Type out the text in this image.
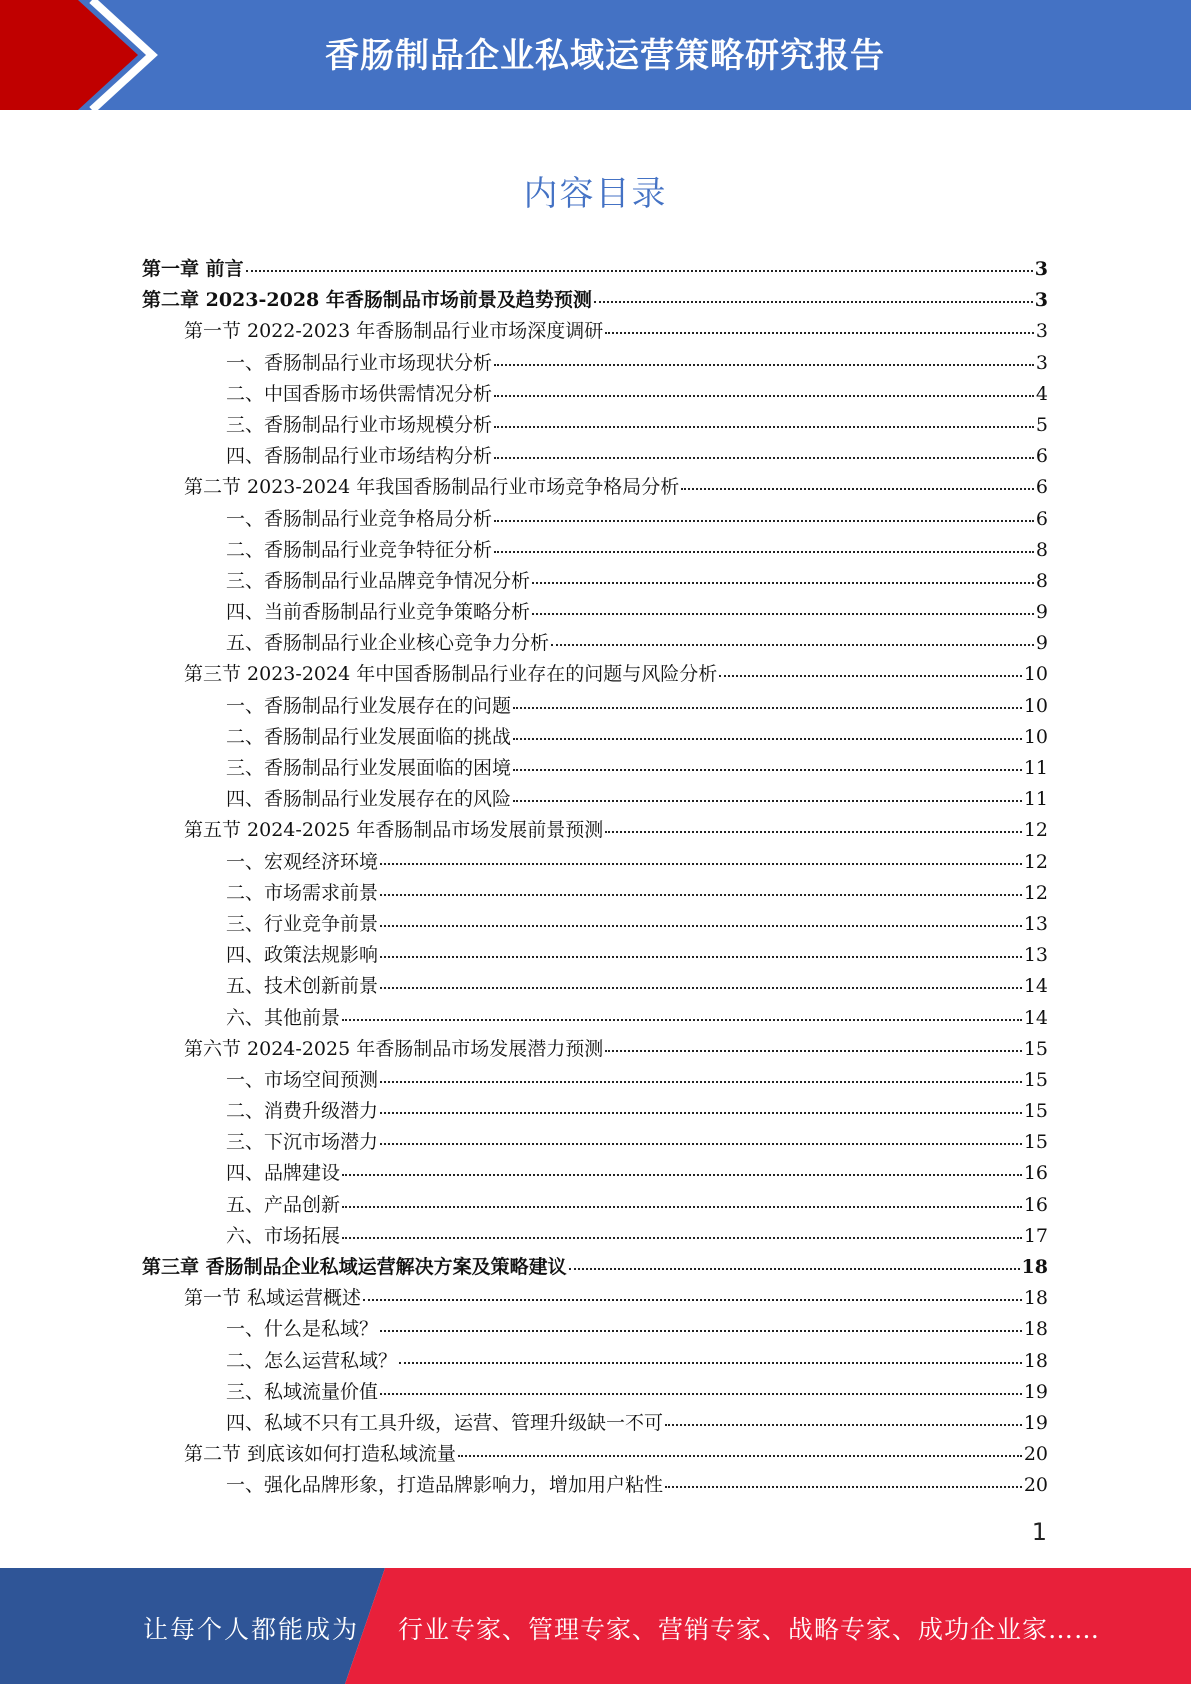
香肠制品企业私域运营策略研究报告
内容目录
第一章 前言	3
第二章 2023-2028 年香肠制品市场前景及趋势预测	3
第一节 2022-2023 年香肠制品行业市场深度调研	3
一、香肠制品行业市场现状分析	3
二、中国香肠市场供需情况分析	4
三、香肠制品行业市场规模分析	5
四、香肠制品行业市场结构分析	6
第二节 2023-2024 年我国香肠制品行业市场竞争格局分析	6
一、香肠制品行业竞争格局分析	6
二、香肠制品行业竞争特征分析	8
三、香肠制品行业品牌竞争情况分析	8
四、当前香肠制品行业竞争策略分析	9
五、香肠制品行业企业核心竞争力分析	9
第三节 2023-2024 年中国香肠制品行业存在的问题与风险分析	10
一、香肠制品行业发展存在的问题	10
二、香肠制品行业发展面临的挑战	10
三、香肠制品行业发展面临的困境	11
四、香肠制品行业发展存在的风险	11
第五节 2024-2025 年香肠制品市场发展前景预测	12
一、宏观经济环境	12
二、市场需求前景	12
三、行业竞争前景	13
四、政策法规影响	13
五、技术创新前景	14
六、其他前景	14
第六节 2024-2025 年香肠制品市场发展潜力预测	15
一、市场空间预测	15
二、消费升级潜力	15
三、下沉市场潜力	15
四、品牌建设	16
五、产品创新	16
六、市场拓展	17
第三章 香肠制品企业私域运营解决方案及策略建议	18
第一节 私域运营概述	18
一、什么是私域？	18
二、怎么运营私域？	18
三、私域流量价值	19
四、私域不只有工具升级，运营、管理升级缺一不可	19
第二节 到底该如何打造私域流量	20
一、强化品牌形象，打造品牌影响力，增加用户粘性	20
1
让每个人都能成为 行业专家、管理专家、营销专家、战略专家、成功企业家……
